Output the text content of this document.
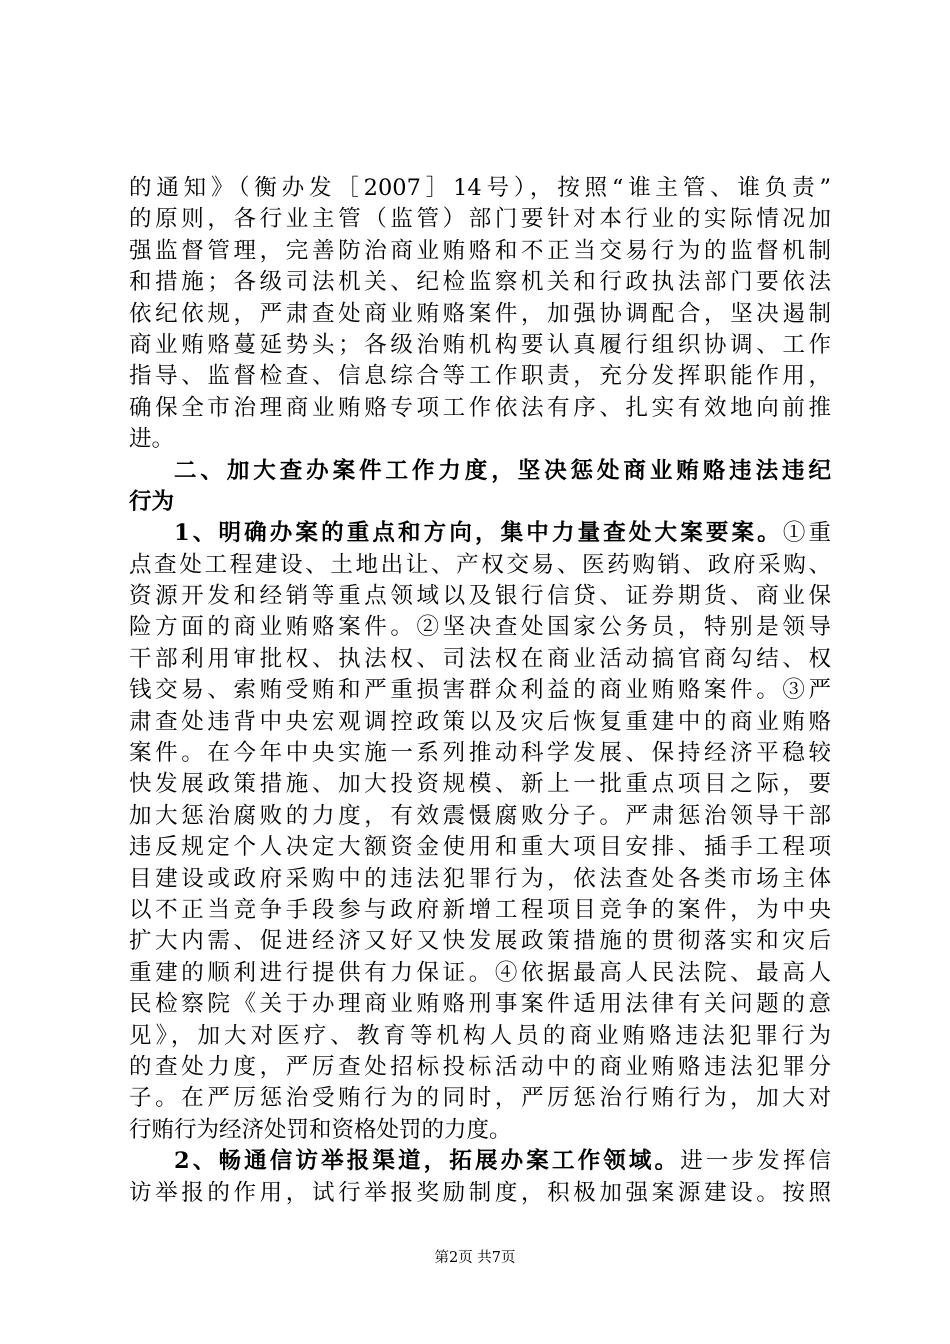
的通知》（衡办发［2007］14号），按照“谁主管、谁负责”
的原则，各行业主管（监管）部门要针对本行业的实际情况加
强监督管理，完善防治商业贿赂和不正当交易行为的监督机制
和措施；各级司法机关、纪检监察机关和行政执法部门要依法
依纪依规，严肃查处商业贿赂案件，加强协调配合，坚决遏制
商业贿赂蔓延势头；各级治贿机构要认真履行组织协调、工作
指导、监督检查、信息综合等工作职责，充分发挥职能作用，
确保全市治理商业贿赂专项工作依法有序、扎实有效地向前推
进。
二、加大查办案件工作力度，坚决惩处商业贿赂违法违纪
行为
1、明确办案的重点和方向，集中力量查处大案要案。①重
点查处工程建设、土地出让、产权交易、医药购销、政府采购、
资源开发和经销等重点领域以及银行信贷、证券期货、商业保
险方面的商业贿赂案件。②坚决查处国家公务员，特别是领导
干部利用审批权、执法权、司法权在商业活动搞官商勾结、权
钱交易、索贿受贿和严重损害群众利益的商业贿赂案件。③严
肃查处违背中央宏观调控政策以及灾后恢复重建中的商业贿赂
案件。在今年中央实施一系列推动科学发展、保持经济平稳较
快发展政策措施、加大投资规模、新上一批重点项目之际，要
加大惩治腐败的力度，有效震慑腐败分子。严肃惩治领导干部
违反规定个人决定大额资金使用和重大项目安排、插手工程项
目建设或政府采购中的违法犯罪行为，依法查处各类市场主体
以不正当竞争手段参与政府新增工程项目竞争的案件，为中央
扩大内需、促进经济又好又快发展政策措施的贯彻落实和灾后
重建的顺利进行提供有力保证。④依据最高人民法院、最高人
民检察院《关于办理商业贿赂刑事案件适用法律有关问题的意
见》，加大对医疗、教育等机构人员的商业贿赂违法犯罪行为
的查处力度，严厉查处招标投标活动中的商业贿赂违法犯罪分
子。在严厉惩治受贿行为的同时，严厉惩治行贿行为，加大对
行贿行为经济处罚和资格处罚的力度。
2、畅通信访举报渠道，拓展办案工作领域。进一步发挥信
访举报的作用，试行举报奖励制度，积极加强案源建设。按照
第2页 共7页
